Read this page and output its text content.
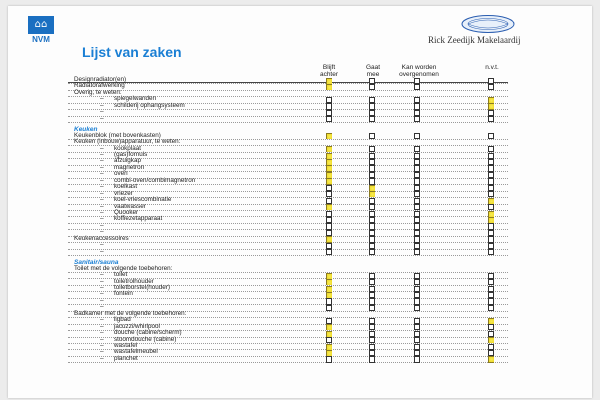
⌂⌂
NVM	Rick Zeedijk Makelaardij
Lijst van zaken
Blijft
achter
Gaat
mee
Kan worden
overgenomen
n.v.t.
Designradiator(en)
Radiatorafwerking
Overig, te weten:
– spiegelwanden
– schilderij ophangsysteem
–
–
Keuken
Keukenblok (met bovenkasten)
Keuken (inbouw)apparatuur, te weten:
– kookplaat
– (gas)fornuis
– afzuigkap
– magnetron
– oven
– combi-oven/combimagnetron
– koelkast
– vriezer
– koel-vriescombinatie
– vaatwasser
– Quooker
– koffiezetapparaat
–
–
Keukenaccessoires
–
–
Sanitair/sauna
Toilet met de volgende toebehoren:
– toilet
– toiletrolhouder
– toiletborstel(houder)
– fontein
–
–
Badkamer met de volgende toebehoren:
– ligbad
– jacuzzi/whirlpool
– douche (cabine/scherm)
– stoomdouche (cabine)
– wastafel
– wastafelmeubel
– planchet
